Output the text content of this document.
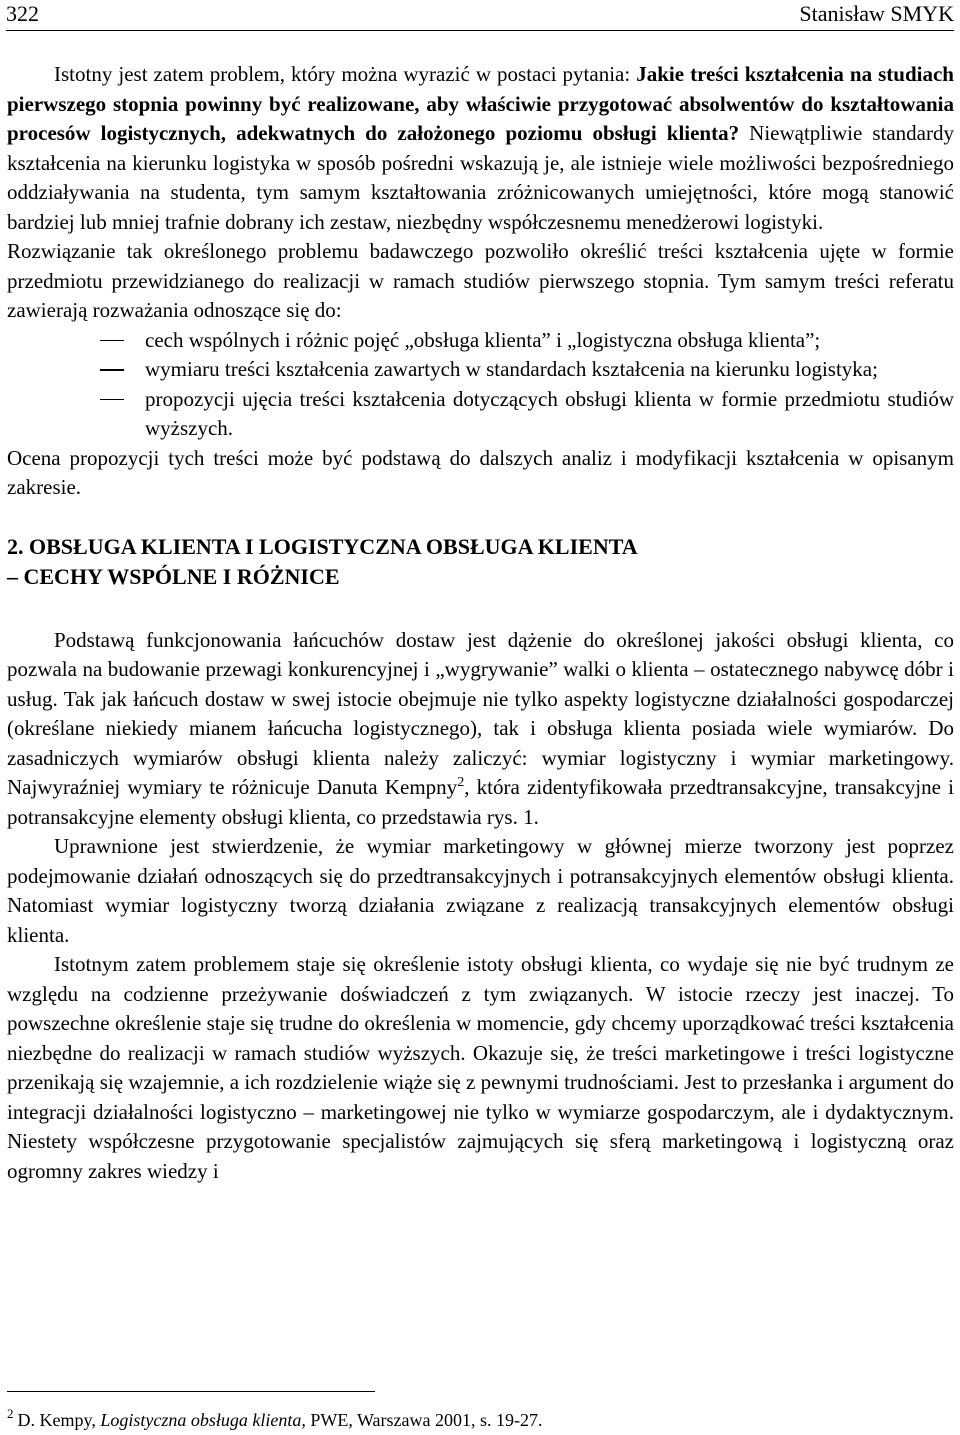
322	Stanisław SMYK

Istotny jest zatem problem, który można wyrazić w postaci pytania: Jakie treści kształcenia na studiach pierwszego stopnia powinny być realizowane, aby właściwie przygotować absolwentów do kształtowania procesów logistycznych, adekwatnych do założonego poziomu obsługi klienta? Niewątpliwie standardy kształcenia na kierunku logistyka w sposób pośredni wskazują je, ale istnieje wiele możliwości bezpośredniego oddziaływania na studenta, tym samym kształtowania zróżnicowanych umiejętności, które mogą stanowić bardziej lub mniej trafnie dobrany ich zestaw, niezbędny współczesnemu menedżerowi logistyki.

Rozwiązanie tak określonego problemu badawczego pozwoliło określić treści kształcenia ujęte w formie przedmiotu przewidzianego do realizacji w ramach studiów pierwszego stopnia. Tym samym treści referatu zawierają rozważania odnoszące się do:

cech wspólnych i różnic pojęć „obsługa klienta” i „logistyczna obsługa klienta”;
wymiaru treści kształcenia zawartych w standardach kształcenia na kierunku logistyka;
propozycji ujęcia treści kształcenia dotyczących obsługi klienta w formie przedmiotu studiów wyższych.

Ocena propozycji tych treści może być podstawą do dalszych analiz i modyfikacji kształcenia w opisanym zakresie.

2. OBSŁUGA KLIENTA I LOGISTYCZNA OBSŁUGA KLIENTA
– CECHY WSPÓLNE I RÓŻNICE

Podstawą funkcjonowania łańcuchów dostaw jest dążenie do określonej jakości obsługi klienta, co pozwala na budowanie przewagi konkurencyjnej i „wygrywanie” walki o klienta – ostatecznego nabywcę dóbr i usług. Tak jak łańcuch dostaw w swej istocie obejmuje nie tylko aspekty logistyczne działalności gospodarczej (określane niekiedy mianem łańcucha logistycznego), tak i obsługa klienta posiada wiele wymiarów. Do zasadniczych wymiarów obsługi klienta należy zaliczyć: wymiar logistyczny i wymiar marketingowy. Najwyraźniej wymiary te różnicuje Danuta Kempny$^2$, która zidentyfikowała przedtransakcyjne, transakcyjne i potransakcyjne elementy obsługi klienta, co przedstawia rys. 1.

Uprawnione jest stwierdzenie, że wymiar marketingowy w głównej mierze tworzony jest poprzez podejmowanie działań odnoszących się do przedtransakcyjnych i potransakcyjnych elementów obsługi klienta. Natomiast wymiar logistyczny tworzą działania związane z realizacją transakcyjnych elementów obsługi klienta.

Istotnym zatem problemem staje się określenie istoty obsługi klienta, co wydaje się nie być trudnym ze względu na codzienne przeżywanie doświadczeń z tym związanych. W istocie rzeczy jest inaczej. To powszechne określenie staje się trudne do określenia w momencie, gdy chcemy uporządkować treści kształcenia niezbędne do realizacji w ramach studiów wyższych. Okazuje się, że treści marketingowe i treści logistyczne przenikają się wzajemnie, a ich rozdzielenie wiąże się z pewnymi trudnościami. Jest to przesłanka i argument do integracji działalności logistyczno – marketingowej nie tylko w wymiarze gospodarczym, ale i dydaktycznym. Niestety współczesne przygotowanie specjalistów zajmujących się sferą marketingową i logistyczną oraz ogromny zakres wiedzy i

$^2$ D. Kempy, Logistyczna obsługa klienta, PWE, Warszawa 2001, s. 19-27.
